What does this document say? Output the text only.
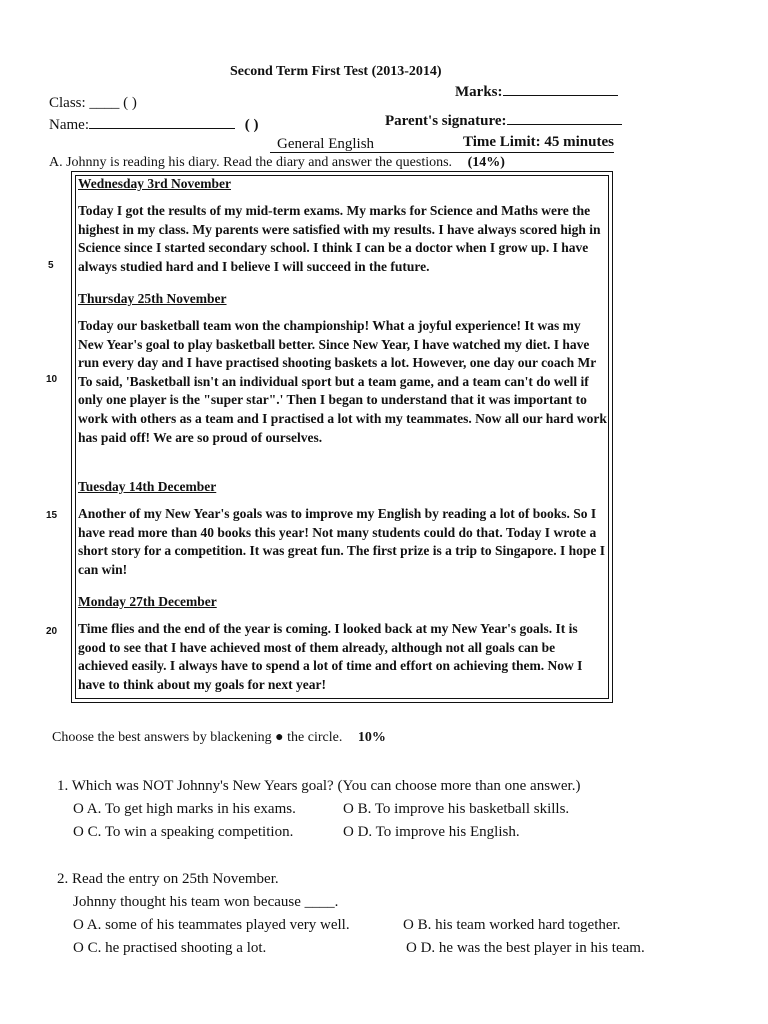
Second Term First Test (2013-2014)
Marks:
Class: ____ ( )
Name:	( )	Parent's signature:
General English	Time Limit: 45 minutes
A. Johnny is reading his diary. Read the diary and answer the questions. (14%)
Wednesday 3rd November
Today I got the results of my mid-term exams. My marks for Science and Maths were the highest in my class. My parents were satisfied with my results. I have always scored high in Science since I started secondary school. I think I can be a doctor when I grow up. I have always studied hard and I believe I will succeed in the future.
Thursday 25th November
Today our basketball team won the championship! What a joyful experience! It was my New Year's goal to play basketball better. Since New Year, I have watched my diet. I have run every day and I have practised shooting baskets a lot. However, one day our coach Mr To said, 'Basketball isn't an individual sport but a team game, and a team can't do well if only one player is the "super star".' Then I began to understand that it was important to work with others as a team and I practised a lot with my teammates. Now all our hard work has paid off! We are so proud of ourselves.
Tuesday 14th December
Another of my New Year's goals was to improve my English by reading a lot of books. So I have read more than 40 books this year! Not many students could do that. Today I wrote a short story for a competition. It was great fun. The first prize is a trip to Singapore. I hope I can win!
Monday 27th December
Time flies and the end of the year is coming. I looked back at my New Year's goals. It is good to see that I have achieved most of them already, although not all goals can be achieved easily. I always have to spend a lot of time and effort on achieving them. Now I have to think about my goals for next year!
5
10
15
20
Choose the best answers by blackening ● the circle. 10%
1. Which was NOT Johnny's New Years goal? (You can choose more than one answer.)
O A. To get high marks in his exams.	O B. To improve his basketball skills.
O C. To win a speaking competition.	O D. To improve his English.
2. Read the entry on 25th November.
Johnny thought his team won because ____.
O A. some of his teammates played very well.	O B. his team worked hard together.
O C. he practised shooting a lot.	O D. he was the best player in his team.
